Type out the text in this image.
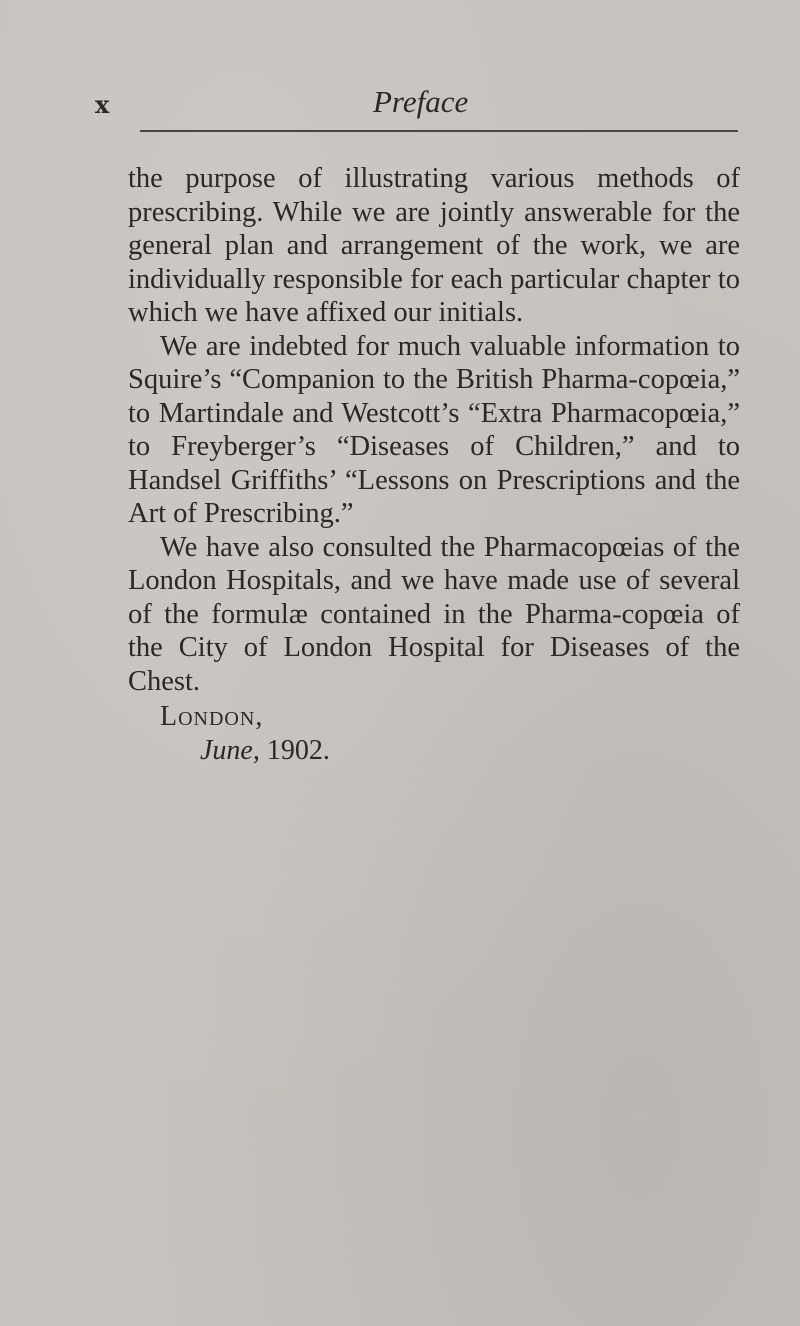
x	Preface

the purpose of illustrating various methods of prescribing. While we are jointly answerable for the general plan and arrangement of the work, we are individually responsible for each particular chapter to which we have affixed our initials.

We are indebted for much valuable information to Squire’s “Companion to the British Pharma-copœia,” to Martindale and Westcott’s “Extra Pharmacopœia,” to Freyberger’s “Diseases of Children,” and to Handsel Griffiths’ “Lessons on Prescriptions and the Art of Prescribing.”

We have also consulted the Pharmacopœias of the London Hospitals, and we have made use of several of the formulæ contained in the Pharma-copœia of the City of London Hospital for Diseases of the Chest.

London,
June, 1902.
